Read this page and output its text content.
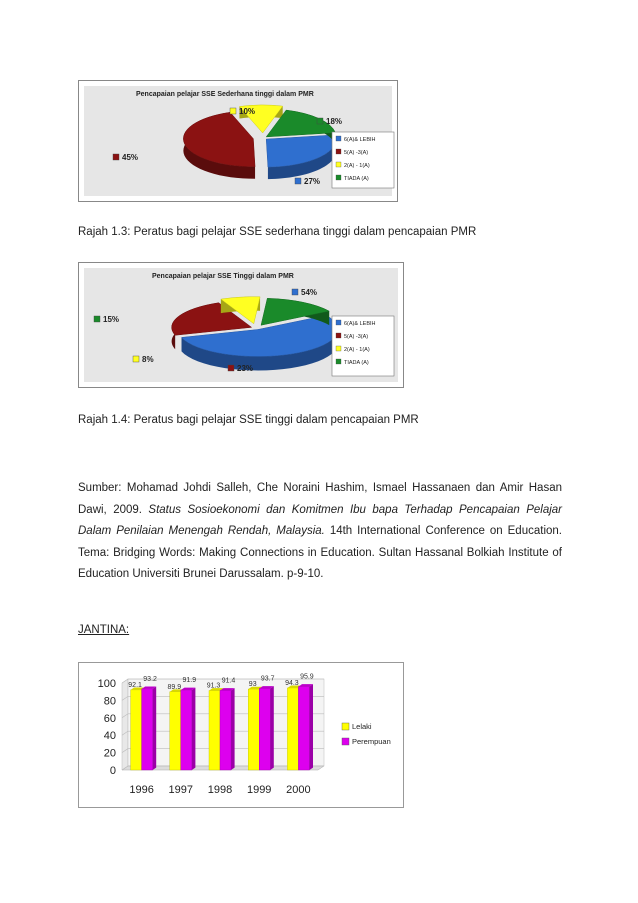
Pencapaian pelajar SSE Sederhana tinggi dalam PMR
27%
45%
10%
18%
6(A)& LEBIH
5(A) -3(A)
2(A) - 1(A)
TIADA (A)
Rajah 1.3: Peratus bagi pelajar SSE sederhana tinggi dalam pencapaian PMR
Pencapaian pelajar SSE Tinggi dalam PMR
54%
23%
8%
15%	6(A)& LEBIH
5(A) -3(A)
2(A) - 1(A)
TIADA (A)
Rajah 1.4: Peratus bagi pelajar SSE tinggi dalam pencapaian PMR
Sumber: Mohamad Johdi Salleh, Che Noraini Hashim, Ismael Hassanaen dan Amir Hasan Dawi, 2009. Status Sosioekonomi dan Komitmen Ibu bapa Terhadap Pencapaian Pelajar Dalam Penilaian Menengah Rendah, Malaysia. 14th International Conference on Education. Tema: Bridging Words: Making Connections in Education. Sultan Hassanal Bolkiah Institute of Education Universiti Brunei Darussalam. p-9-10.
JANTINA:
0
20
40
60
80
100 92.1
93.2
1996
89.9
91.9
1997
91.3
91.4
1998
93
93.7
1999
94.3
95.9
2000
Lelaki
Perempuan
